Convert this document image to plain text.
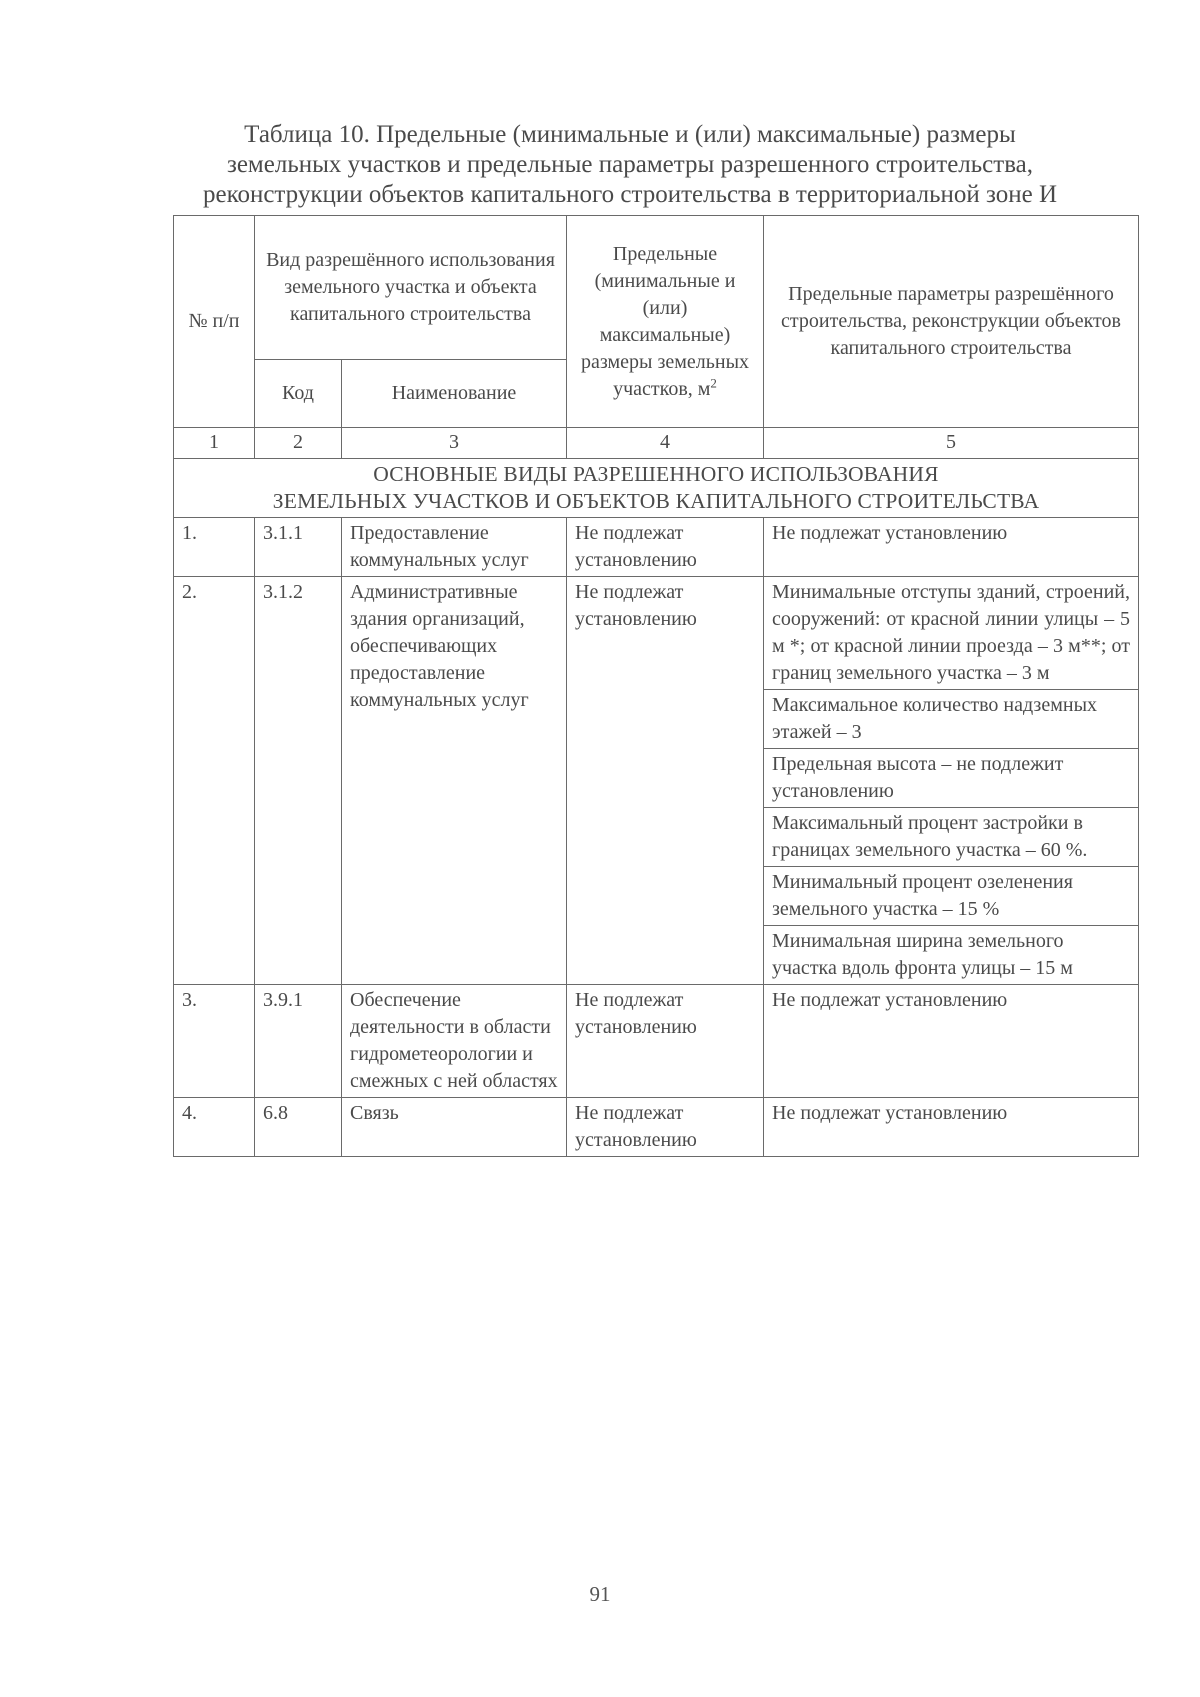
Таблица 10. Предельные (минимальные и (или) максимальные) размеры
земельных участков и предельные параметры разрешенного строительства,
реконструкции объектов капитального строительства в территориальной зоне И
№ п/п	Вид разрешённого использования земельного участка и объекта капитального строительства		Предельные (минимальные и (или) максимальные) размеры земельных участков, $м^2$	Предельные параметры разрешённого строительства, реконструкции объектов капитального строительства
	Код	Наименование		
1	2	3	4	5
ОСНОВНЫЕ ВИДЫ РАЗРЕШЕННОГО ИСПОЛЬЗОВАНИЯ
ЗЕМЕЛЬНЫХ УЧАСТКОВ И ОБЪЕКТОВ КАПИТАЛЬНОГО СТРОИТЕЛЬСТВА				
1.	3.1.1	Предоставление коммунальных услуг	Не подлежат установлению	Не подлежат установлению
2.	3.1.2	Административные здания организаций, обеспечивающих предоставление коммунальных услуг	Не подлежат установлению	Минимальные отступы зданий, строений, сооружений: от красной линии улицы – 5 м *; от красной линии проезда – 3 м**; от границ земельного участка – 3 м
				Максимальное количество надземных этажей – 3
				Предельная высота – не подлежит установлению
				Максимальный процент застройки в границах земельного участка – 60 %.
				Минимальный процент озеленения земельного участка – 15 %
				Минимальная ширина земельного участка вдоль фронта улицы – 15 м
3.	3.9.1	Обеспечение деятельности в области гидрометеорологии и смежных с ней областях	Не подлежат установлению	Не подлежат установлению
4.	6.8	Связь	Не подлежат установлению	Не подлежат установлению
91
